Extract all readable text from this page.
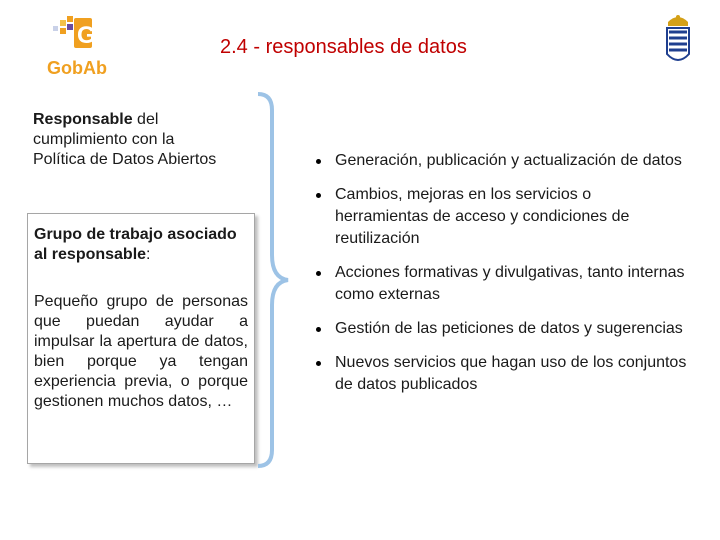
G
GobAb
2.4 - responsables de datos
Responsable del cumplimiento con la Política de Datos Abiertos
Grupo de trabajo asociado al responsable:
Pequeño grupo de personas que puedan ayudar a impulsar la apertura de datos, bien porque ya tengan experiencia previa, o porque gestionen muchos datos, …
Generación, publicación y actualización de datos
Cambios, mejoras en los servicios o herramientas de acceso y condiciones de reutilización
Acciones formativas y divulgativas, tanto internas como externas
Gestión de las peticiones de datos y sugerencias
Nuevos servicios que hagan uso de los conjuntos de datos publicados
